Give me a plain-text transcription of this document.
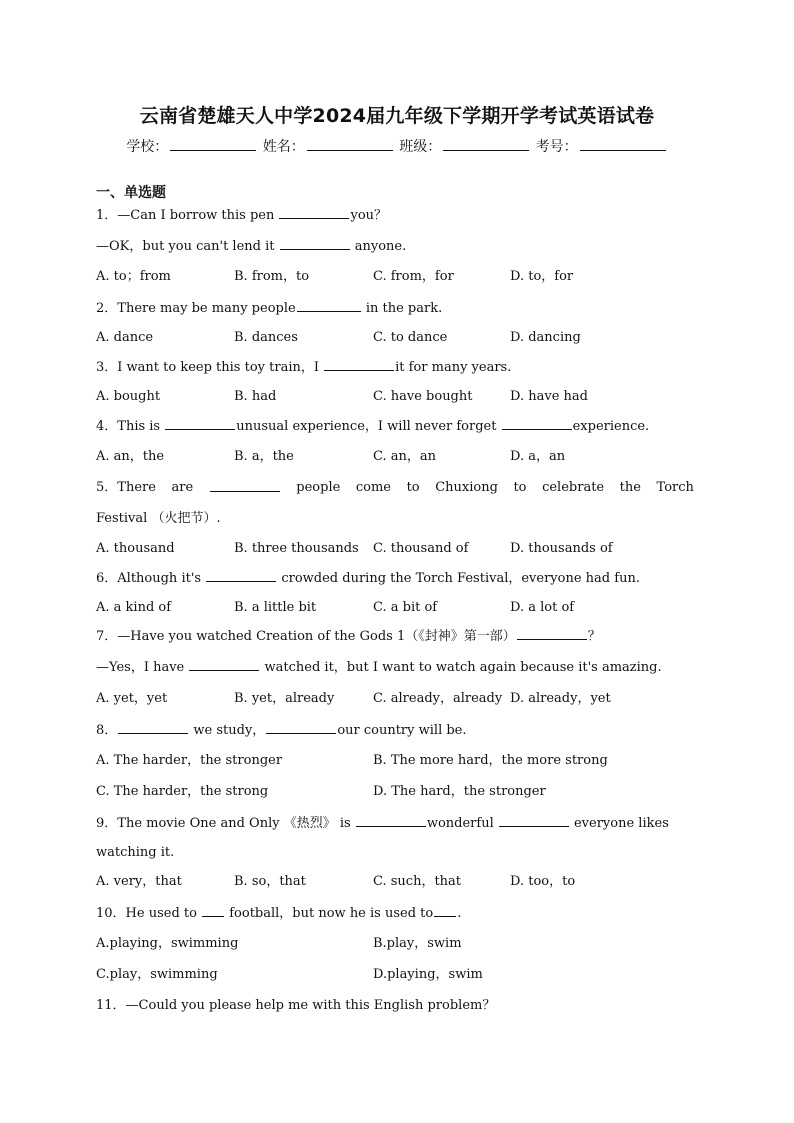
云南省楚雄天人中学2024届九年级下学期开学考试英语试卷
学校：	姓名：	班级：	考号：
一、单选题
1．—Can I borrow this pen	you？
—OK，but you can't lend it	anyone.
A. to；from	B. from，to	C. from，for	D. to，for
2．There may be many people	in the park.
A. dance	B. dances	C. to dance	D. dancing
3．I want to keep this toy train，I	it for many years.
A. bought	B. had	C. have bought	D. have had
4．This is	unusual experience，I will never forget	experience.
A. an，the	B. a，the	C. an，an	D. a，an
5．There are	people come to Chuxiong to celebrate the Torch
Festival （火把节）.
A. thousand	B. three thousands C. thousand of	D. thousands of
6．Although it's	crowded during the Torch Festival，everyone had fun.
A. a kind of	B. a little bit	C. a bit of	D. a lot of
7．—Have you watched Creation of the Gods 1（《封神》第一部）	？
—Yes，I have	watched it，but I want to watch again because it's amazing.
A. yet，yet	B. yet，already	C. already，already D. already，yet
8．	we study，	our country will be.
A. The harder，the stronger	B. The more hard，the more strong
C. The harder，the strong	D. The hard，the stronger
9．The movie One and Only 《热烈》 is	wonderful	everyone likes
watching it.
A. very，that	B. so，that	C. such，that	D. too，to
10．He used to  football，but now he is used to .
A.playing，swimming	B.play，swim
C.play，swimming	D.playing，swim
11．—Could you please help me with this English problem？
